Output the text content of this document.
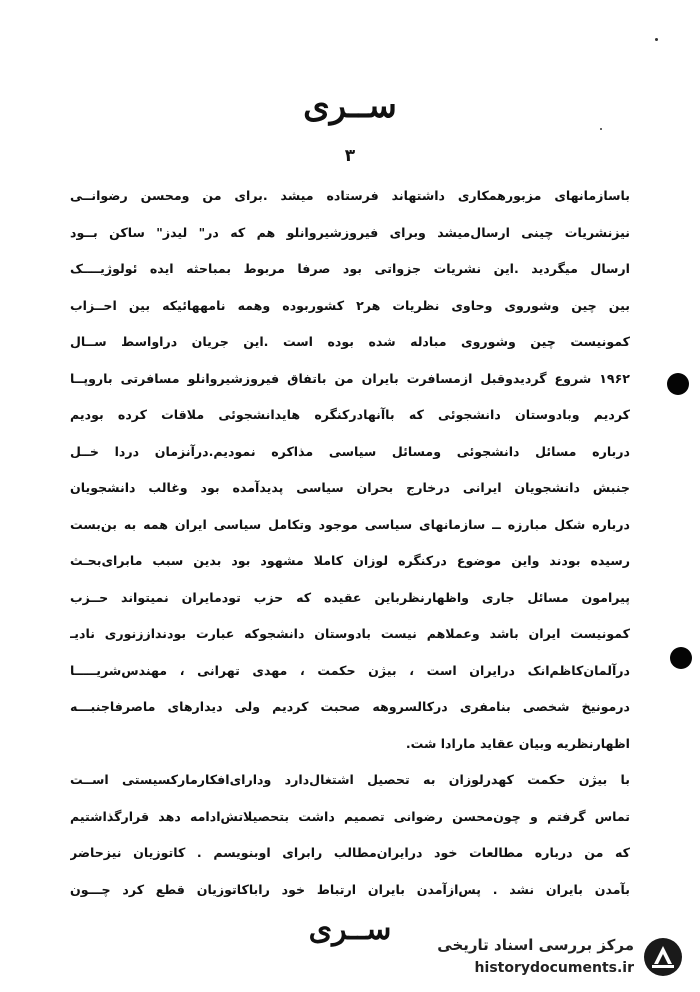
ســری
۳
باسازمانهای مزبورهمکاری داشتهاند فرستاده میشد .برای من ومحسن رضوانــی
نیزنشریات چینی ارسال‌میشد وبرای فیروزشیروانلو هم که در" لیدز" ساکن بــود
ارسال میگردید .این نشریات جزواتی بود صرفا مربوط بمباحثه ایده ئولوژیــــک
بین چین وشوروی وحاوی نظریات هر۲ کشوربوده وهمه نامههائیکه بین احــزاب
کمونیست چین وشوروی مبادله شده بوده است .این جریان دراواسط ســال
۱۹۶۲ شروع گردیدوقبل ازمسافرت بایران من باتفاق فیروزشیروانلو مسافرتی باروپــا
کردیم وبادوستان دانشجوئی که باآنهادرکنگره هایدانشجوئی ملاقات کرده بودیم
درباره مسائل دانشجوئی ومسائل سیاسی مذاکره نمودیم.درآنزمان دردا خــل
جنبش دانشجویان ایرانی درخارج بحران سیاسی پدیدآمده بود وغالب دانشجویان
درباره شکل مبارزه ــ سازمانهای سیاسی موجود وتکامل سیاسی ایران همه به بن‌بست
رسیده بودند واین موضوع درکنگره لوزان کاملا مشهود بود بدین سبب مابرای‌بحـث
پیرامون مسائل جاری واظهارنظرباین عقیده که حزب تودمایران نمیتواند حــزب
کمونیست ایران باشد وعملاهم نیست بادوستان دانشجوکه عبارت بودنداززنوری نادیـ
درآلمان‌کاظم‌انک درایران است ، بیژن حکمت ، مهدی تهرانی ، مهندس‌شریـــــا
درمونیخ شخصی بنامفری درکالسروهه صحبت کردیم ولی دیدارهای ماصرفاجنبـــه
اظهارنظریه وبیان عقاید مارادا شت.
با بیژن حکمت کهدرلوزان به تحصیل اشتغال‌دارد ودارای‌افکارمارکسیستی اســت
تماس گرفتم و چون‌محسن رضوانی تصمیم داشت بتحصیلاتش‌ادامه دهد قرارگذاشتیم
که من درباره مطالعات خود درایران‌مطالب رابرای اوبنویسم . کاتوزیان نیزحاضر
بآمدن بایران نشد . پس‌ازآمدن بایران ارتباط خود راباکاتوزیان قطع کرد چـــون
ســری	مرکز بررسی اسناد تاریخی
historydocuments.ir
